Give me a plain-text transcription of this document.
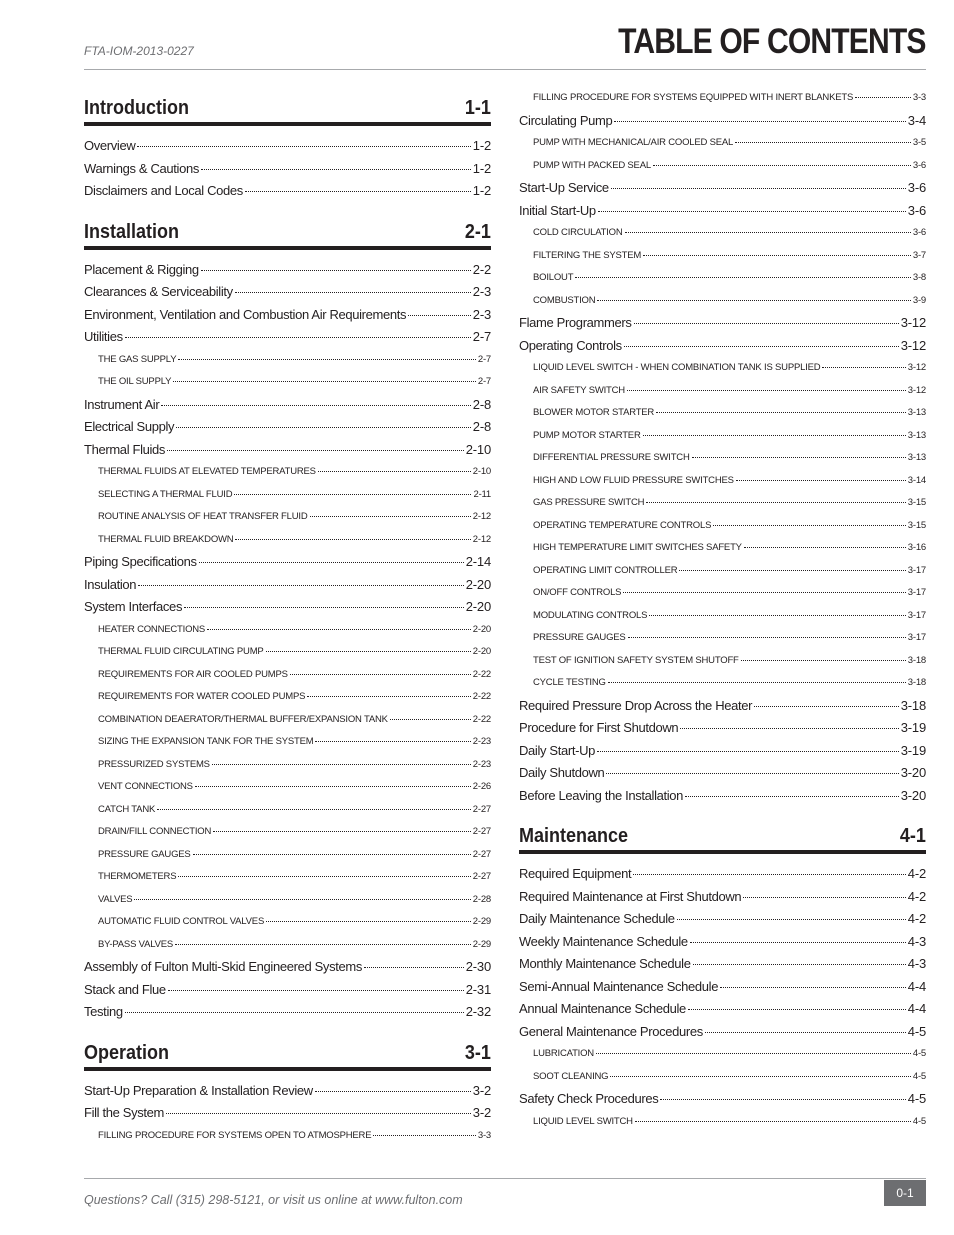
FTA-IOM-2013-0227	TABLE OF CONTENTS
Introduction	1-1
Overview	1-2
Warnings & Cautions	1-2
Disclaimers and Local Codes	1-2
Installation	2-1
Placement & Rigging	2-2
Clearances & Serviceability	2-3
Environment, Ventilation and Combustion Air Requirements	2-3
Utilities	2-7
THE GAS SUPPLY	2-7
THE OIL SUPPLY	2-7
Instrument Air	2-8
Electrical Supply	2-8
Thermal Fluids	2-10
THERMAL FLUIDS AT ELEVATED TEMPERATURES	2-10
SELECTING A THERMAL FLUID	2-11
ROUTINE ANALYSIS OF HEAT TRANSFER FLUID	2-12
THERMAL FLUID BREAKDOWN	2-12
Piping Specifications	2-14
Insulation	2-20
System Interfaces	2-20
HEATER CONNECTIONS	2-20
THERMAL FLUID CIRCULATING PUMP	2-20
REQUIREMENTS FOR AIR COOLED PUMPS	2-22
REQUIREMENTS FOR WATER COOLED PUMPS	2-22
COMBINATION DEAERATOR/THERMAL BUFFER/EXPANSION TANK	2-22
SIZING THE EXPANSION TANK FOR THE SYSTEM	2-23
PRESSURIZED SYSTEMS	2-23
VENT CONNECTIONS	2-26
CATCH TANK	2-27
DRAIN/FILL CONNECTION	2-27
PRESSURE GAUGES	2-27
THERMOMETERS	2-27
VALVES	2-28
AUTOMATIC FLUID CONTROL VALVES	2-29
BY-PASS VALVES	2-29
Assembly of Fulton Multi-Skid Engineered Systems	2-30
Stack and Flue	2-31
Testing	2-32
Operation	3-1
Start-Up Preparation & Installation Review	3-2
Fill the System	3-2
FILLING PROCEDURE FOR SYSTEMS OPEN TO ATMOSPHERE	3-3
FILLING PROCEDURE FOR SYSTEMS EQUIPPED WITH INERT BLANKETS	3-3
Circulating Pump	3-4
PUMP WITH MECHANICAL/AIR COOLED SEAL	3-5
PUMP WITH PACKED SEAL	3-6
Start-Up Service	3-6
Initial Start-Up	3-6
COLD CIRCULATION	3-6
FILTERING THE SYSTEM	3-7
BOILOUT	3-8
COMBUSTION	3-9
Flame Programmers	3-12
Operating Controls	3-12
LIQUID LEVEL SWITCH - WHEN COMBINATION TANK IS SUPPLIED	3-12
AIR SAFETY SWITCH	3-12
BLOWER MOTOR STARTER	3-13
PUMP MOTOR STARTER	3-13
DIFFERENTIAL PRESSURE SWITCH	3-13
HIGH AND LOW FLUID PRESSURE SWITCHES	3-14
GAS PRESSURE SWITCH	3-15
OPERATING TEMPERATURE CONTROLS	3-15
HIGH TEMPERATURE LIMIT SWITCHES SAFETY	3-16
OPERATING LIMIT CONTROLLER	3-17
ON/OFF CONTROLS	3-17
MODULATING CONTROLS	3-17
PRESSURE GAUGES	3-17
TEST OF IGNITION SAFETY SYSTEM SHUTOFF	3-18
CYCLE TESTING	3-18
Required Pressure Drop Across the Heater	3-18
Procedure for First Shutdown	3-19
Daily Start-Up	3-19
Daily Shutdown	3-20
Before Leaving the Installation	3-20
Maintenance	4-1
Required Equipment	4-2
Required Maintenance at First Shutdown	4-2
Daily Maintenance Schedule	4-2
Weekly Maintenance Schedule	4-3
Monthly Maintenance Schedule	4-3
Semi-Annual Maintenance Schedule	4-4
Annual Maintenance Schedule	4-4
General Maintenance Procedures	4-5
LUBRICATION	4-5
SOOT CLEANING	4-5
Safety Check Procedures	4-5
LIQUID LEVEL SWITCH	4-5
Questions? Call (315) 298-5121, or visit us online at www.fulton.com	0-1
